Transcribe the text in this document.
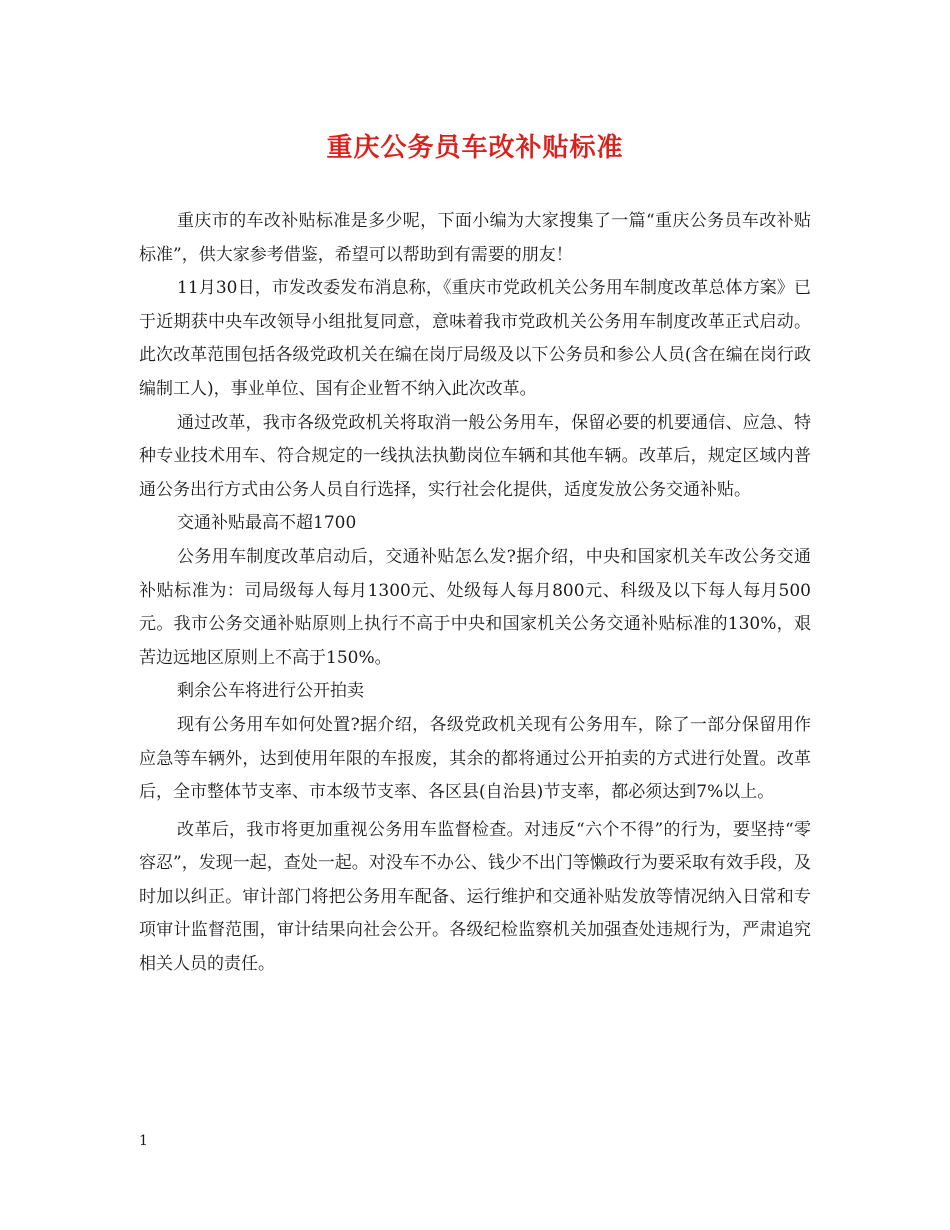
重庆公务员车改补贴标准

重庆市的车改补贴标准是多少呢，下面小编为大家搜集了一篇“重庆公务员车改补贴标准”，供大家参考借鉴，希望可以帮助到有需要的朋友！

11月30日，市发改委发布消息称，《重庆市党政机关公务用车制度改革总体方案》已于近期获中央车改领导小组批复同意，意味着我市党政机关公务用车制度改革正式启动。此次改革范围包括各级党政机关在编在岗厅局级及以下公务员和参公人员(含在编在岗行政编制工人)，事业单位、国有企业暂不纳入此次改革。

通过改革，我市各级党政机关将取消一般公务用车，保留必要的机要通信、应急、特种专业技术用车、符合规定的一线执法执勤岗位车辆和其他车辆。改革后，规定区域内普通公务出行方式由公务人员自行选择，实行社会化提供，适度发放公务交通补贴。

交通补贴最高不超1700

公务用车制度改革启动后，交通补贴怎么发?据介绍，中央和国家机关车改公务交通补贴标准为：司局级每人每月1300元、处级每人每月800元、科级及以下每人每月500元。我市公务交通补贴原则上执行不高于中央和国家机关公务交通补贴标准的130%，艰苦边远地区原则上不高于150%。

剩余公车将进行公开拍卖

现有公务用车如何处置?据介绍，各级党政机关现有公务用车，除了一部分保留用作应急等车辆外，达到使用年限的车报废，其余的都将通过公开拍卖的方式进行处置。改革后，全市整体节支率、市本级节支率、各区县(自治县)节支率，都必须达到7%以上。

改革后，我市将更加重视公务用车监督检查。对违反“六个不得”的行为，要坚持“零容忍”，发现一起，查处一起。对没车不办公、钱少不出门等懒政行为要采取有效手段，及时加以纠正。审计部门将把公务用车配备、运行维护和交通补贴发放等情况纳入日常和专项审计监督范围，审计结果向社会公开。各级纪检监察机关加强查处违规行为，严肃追究相关人员的责任。

1
